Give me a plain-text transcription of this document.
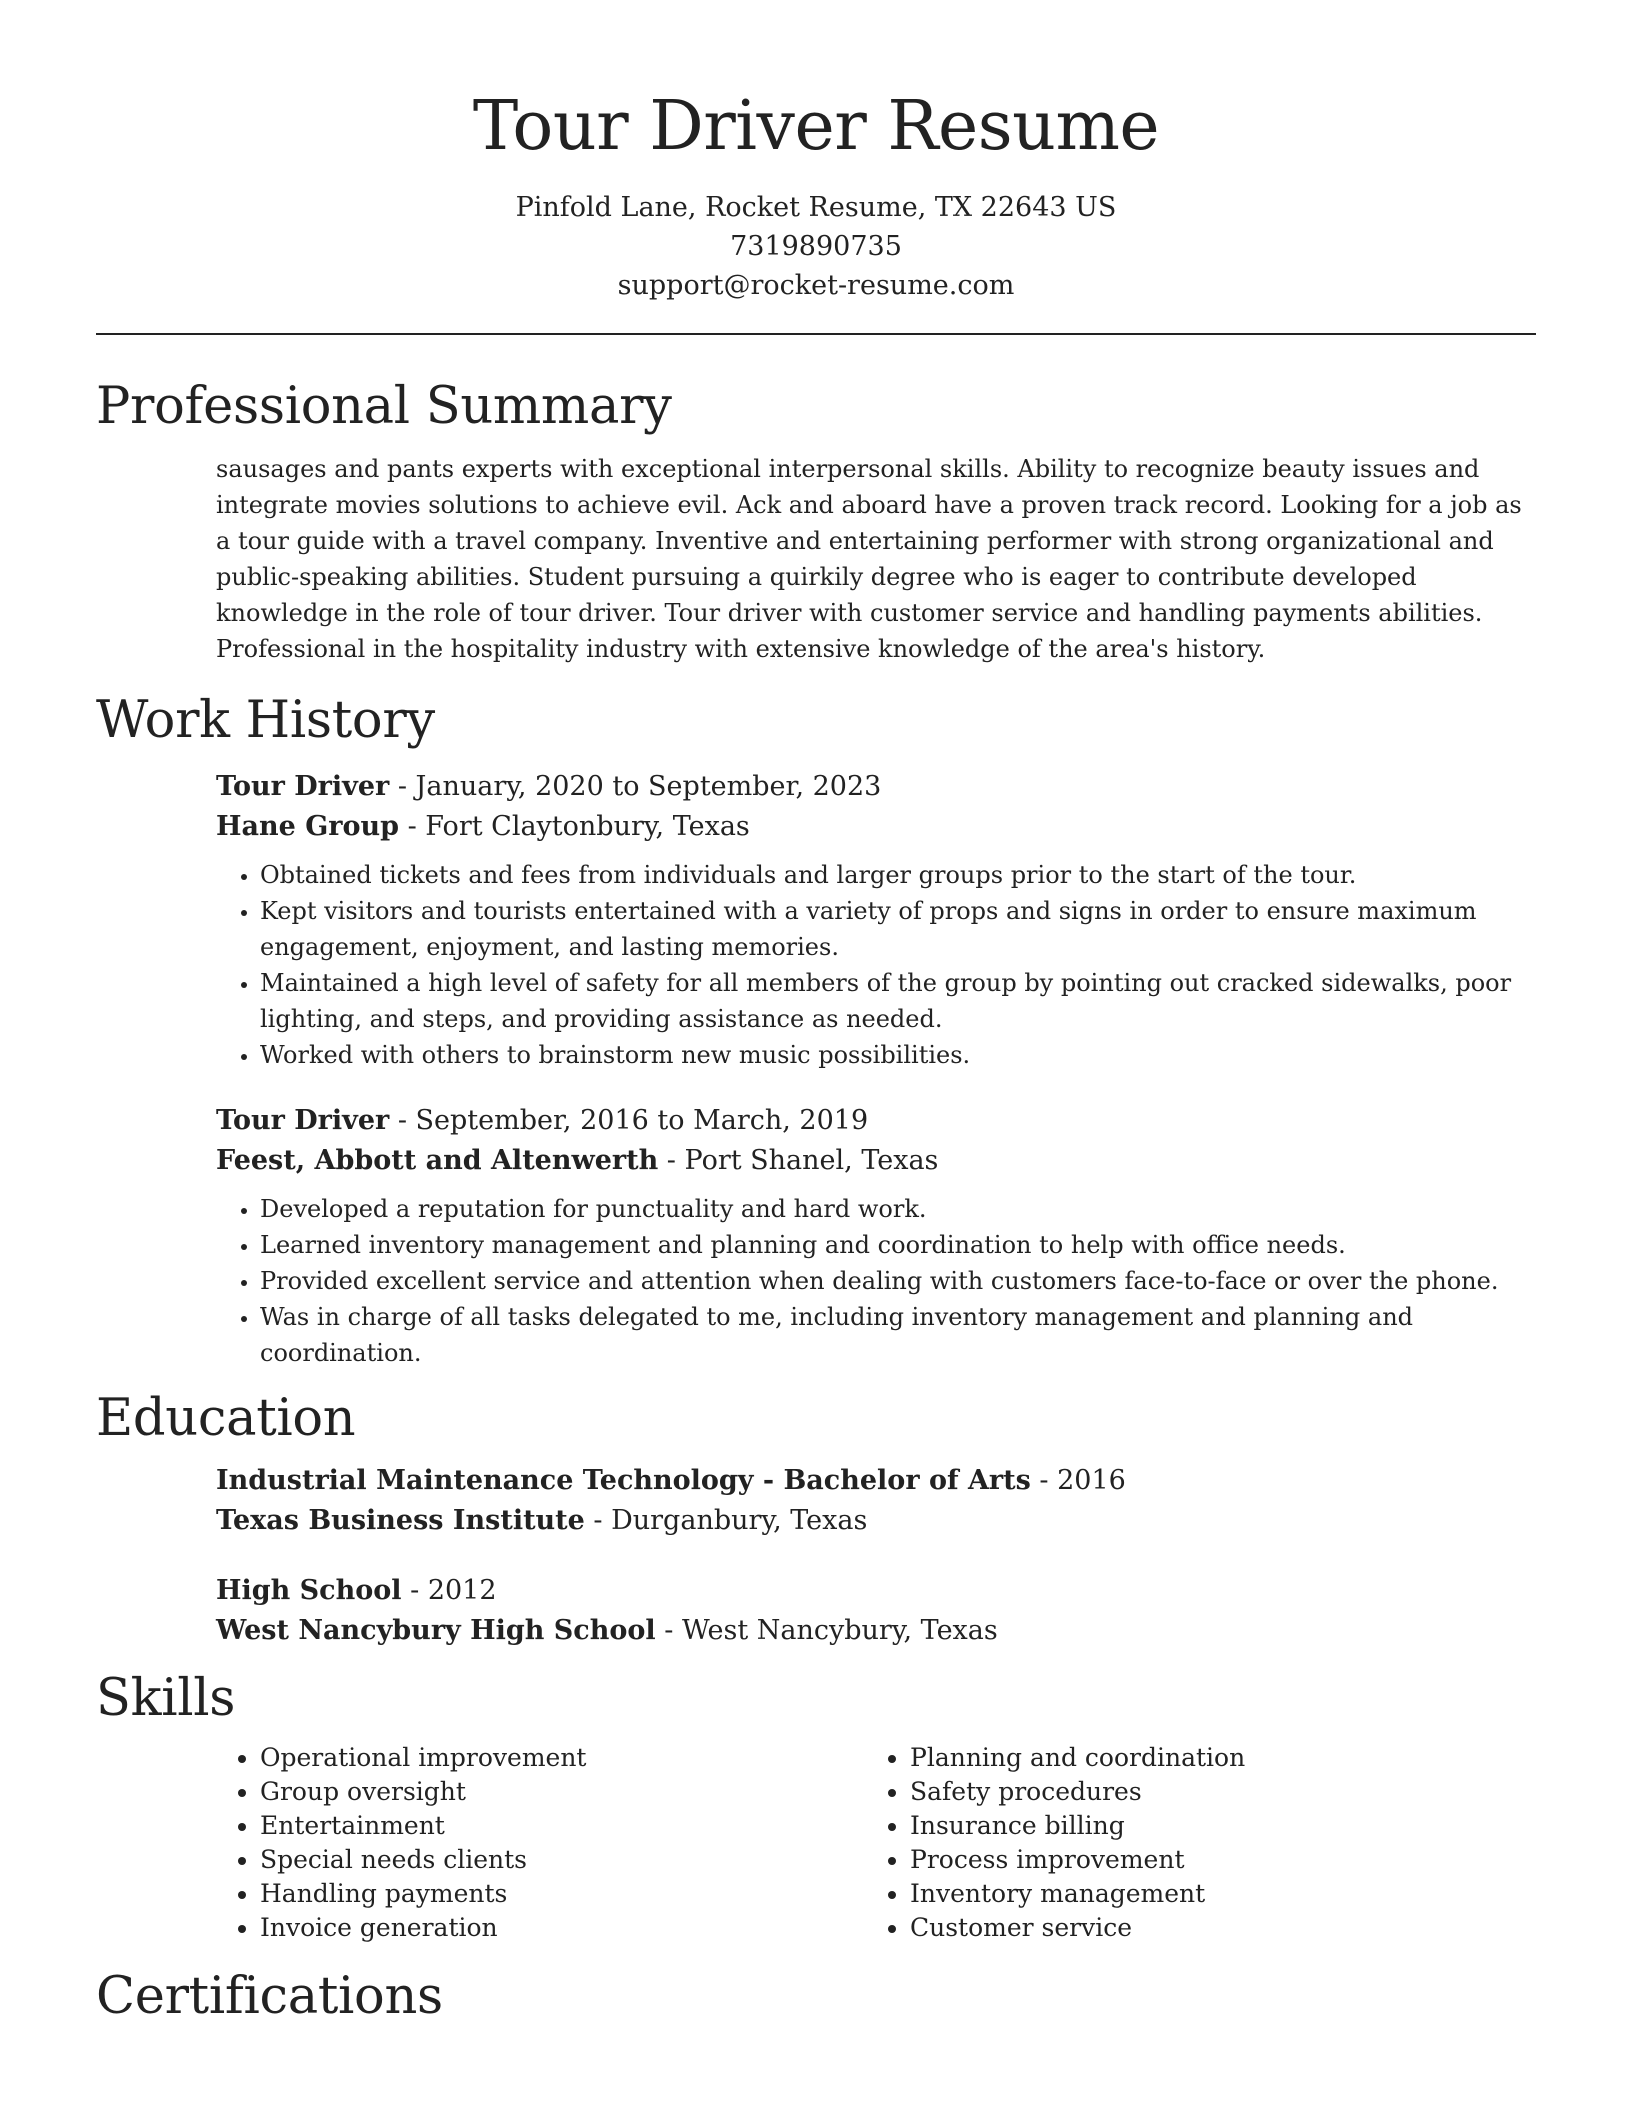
Tour Driver Resume
Pinfold Lane, Rocket Resume, TX 22643 US
7319890735
support@rocket-resume.com
Professional Summary

sausages and pants experts with exceptional interpersonal skills. Ability to recognize beauty issues and integrate movies solutions to achieve evil. Ack and aboard have a proven track record. Looking for a job as a tour guide with a travel company. Inventive and entertaining performer with strong organizational and public-speaking abilities. Student pursuing a quirkily degree who is eager to contribute developed knowledge in the role of tour driver. Tour driver with customer service and handling payments abilities. Professional in the hospitality industry with extensive knowledge of the area's history.

Work History
Tour Driver - January, 2020 to September, 2023
Hane Group - Fort Claytonbury, Texas
• Obtained tickets and fees from individuals and larger groups prior to the start of the tour.
• Kept visitors and tourists entertained with a variety of props and signs in order to ensure maximum engagement, enjoyment, and lasting memories.
• Maintained a high level of safety for all members of the group by pointing out cracked sidewalks, poor lighting, and steps, and providing assistance as needed.
• Worked with others to brainstorm new music possibilities.
Tour Driver - September, 2016 to March, 2019
Feest, Abbott and Altenwerth - Port Shanel, Texas
• Developed a reputation for punctuality and hard work.
• Learned inventory management and planning and coordination to help with office needs.
• Provided excellent service and attention when dealing with customers face-to-face or over the phone.
• Was in charge of all tasks delegated to me, including inventory management and planning and coordination.
Education
Industrial Maintenance Technology - Bachelor of Arts - 2016
Texas Business Institute - Durganbury, Texas
High School - 2012
West Nancybury High School - West Nancybury, Texas
Skills
• Operational improvement
• Group oversight
• Entertainment
• Special needs clients
• Handling payments
• Invoice generation
• Planning and coordination
• Safety procedures
• Insurance billing
• Process improvement
• Inventory management
• Customer service
Certifications
